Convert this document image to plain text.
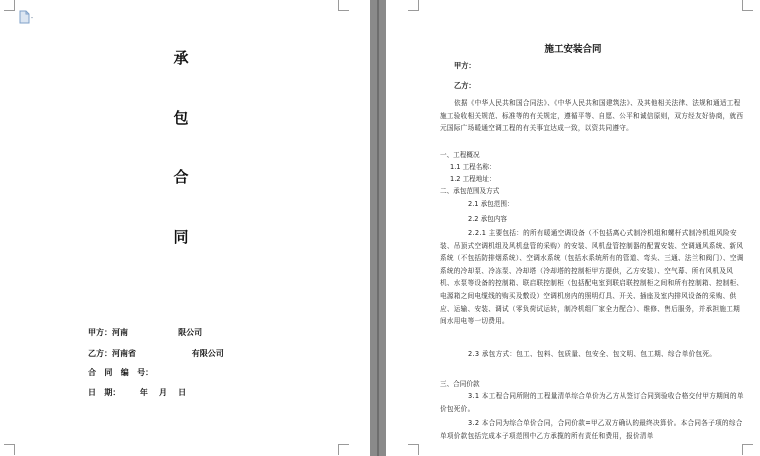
承
包
合
同
甲方：河南                  限公司
乙方：河南省                    有限公司
合   同   编   号：
日   期：       年    月    日
施工安装合同
甲方：
乙方：
依据《中华人民共和国合同法》、《中华人民共和国建筑法》、及其他相关法律、法规和通适工程施工验收相关规范、标准等的有关规定，遵循平等、自愿、公平和诚信原则，双方经友好协商，就西元国际广场暖通空调工程的有关事宜达成一致，以资共同遵守。
一、工程概况
1.1 工程名称：
1.2 工程地址：
二、承包范围及方式
2.1 承包范围：
2.2 承包内容
2.2.1 主要包括：的所有暖通空调设备（不包括离心式制冷机组和螺杆式制冷机组风险安装、吊顶式空调机组及风机盘管的采购）的安装、风机盘管控制器的配置安装、空调通风系统、新风系统（不包括防排烟系统）、空调水系统（包括水系统所有的管道、弯头、三通、法兰和阀门）、空调系统的冷却泵、冷冻泵、冷却塔（冷却塔的控制柜甲方提供，乙方安装）、空气幕、所有风机及风机、水泵等设备的控制箱、联启联控制柜（包括配电室到联启联控制柜之间和所有控制箱、控制柜、电源箱之间电缆线的购买及敷设）空调机房内的照明灯具、开关、插座及室内排风设备的采购、供应、运输、安装、调试（零负荷试运转，制冷机组厂家全力配合）、维修、售后服务，并承担施工期间水用电等一切费用。
2.3 承包方式：包工、包料、包质量、包安全、包文明、包工期、综合单价包死。
三、合同价款
3.1 本工程合同所附的工程量清单综合单价为乙方从签订合同到验收合格交付甲方期间的单价包死价。
3.2 本合同为综合单价合同，合同价款=甲乙双方确认的最终决算价。本合同各子项的综合单项价款包括完成本子项范围中乙方承揽的所有责任和费用，报价清单
